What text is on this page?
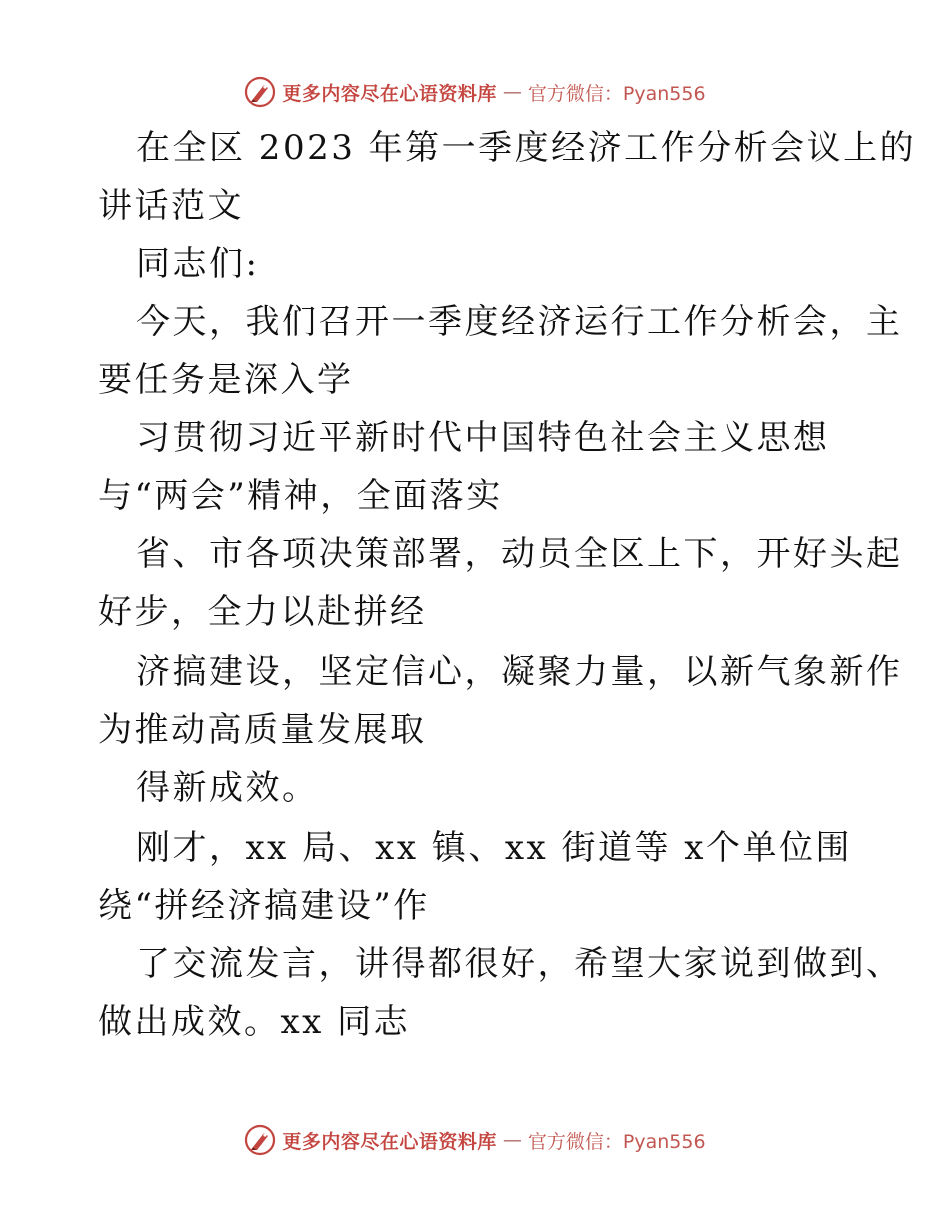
更多内容尽在心语资料库 — 官方微信：Pyan556
在全区 2023 年第一季度经济工作分析会议上的
讲话范文
同志们:
今天，我们召开一季度经济运行工作分析会，主
要任务是深入学
习贯彻习近平新时代中国特色社会主义思想
与“两会”精神，全面落实
省、市各项决策部署，动员全区上下，开好头起
好步，全力以赴拼经
济搞建设，坚定信心，凝聚力量，以新气象新作
为推动高质量发展取
得新成效。
刚才，xx 局、xx 镇、xx 街道等 x个单位围
绕“拼经济搞建设”作
了交流发言，讲得都很好，希望大家说到做到、
做出成效。xx 同志
更多内容尽在心语资料库 — 官方微信：Pyan556
